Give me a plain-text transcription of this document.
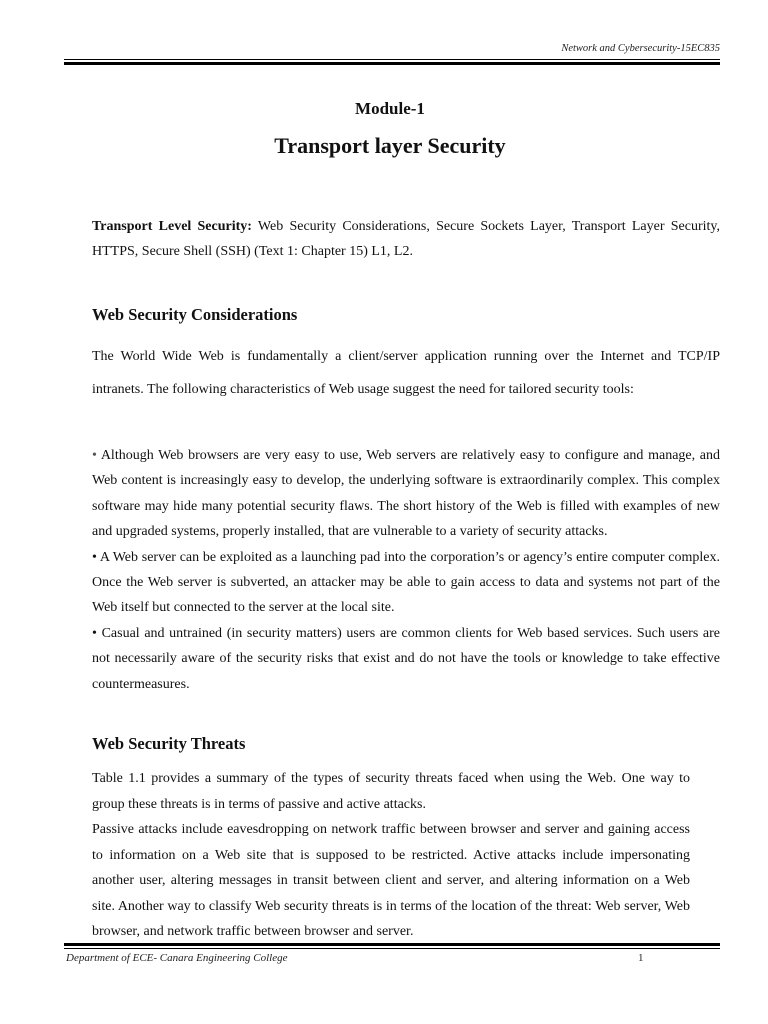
Network and Cybersecurity-15EC835
Module-1
Transport layer Security
Transport Level Security: Web Security Considerations, Secure Sockets Layer, Transport Layer Security, HTTPS, Secure Shell (SSH) (Text 1: Chapter 15) L1, L2.
Web Security Considerations

The World Wide Web is fundamentally a client/server application running over the Internet and TCP/IP intranets. The following characteristics of Web usage suggest the need for tailored security tools:

• Although Web browsers are very easy to use, Web servers are relatively easy to configure and manage, and Web content is increasingly easy to develop, the underlying software is extraordinarily complex. This complex software may hide many potential security flaws. The short history of the Web is filled with examples of new and upgraded systems, properly installed, that are vulnerable to a variety of security attacks.

• A Web server can be exploited as a launching pad into the corporation’s or agency’s entire computer complex. Once the Web server is subverted, an attacker may be able to gain access to data and systems not part of the Web itself but connected to the server at the local site.

• Casual and untrained (in security matters) users are common clients for Web based services. Such users are not necessarily aware of the security risks that exist and do not have the tools or knowledge to take effective countermeasures.

Web Security Threats

Table 1.1 provides a summary of the types of security threats faced when using the Web. One way to group these threats is in terms of passive and active attacks.

Passive attacks include eavesdropping on network traffic between browser and server and gaining access to information on a Web site that is supposed to be restricted. Active attacks include impersonating another user, altering messages in transit between client and server, and altering information on a Web site. Another way to classify Web security threats is in terms of the location of the threat: Web server, Web browser, and network traffic between browser and server.

Department of ECE- Canara Engineering College	1
